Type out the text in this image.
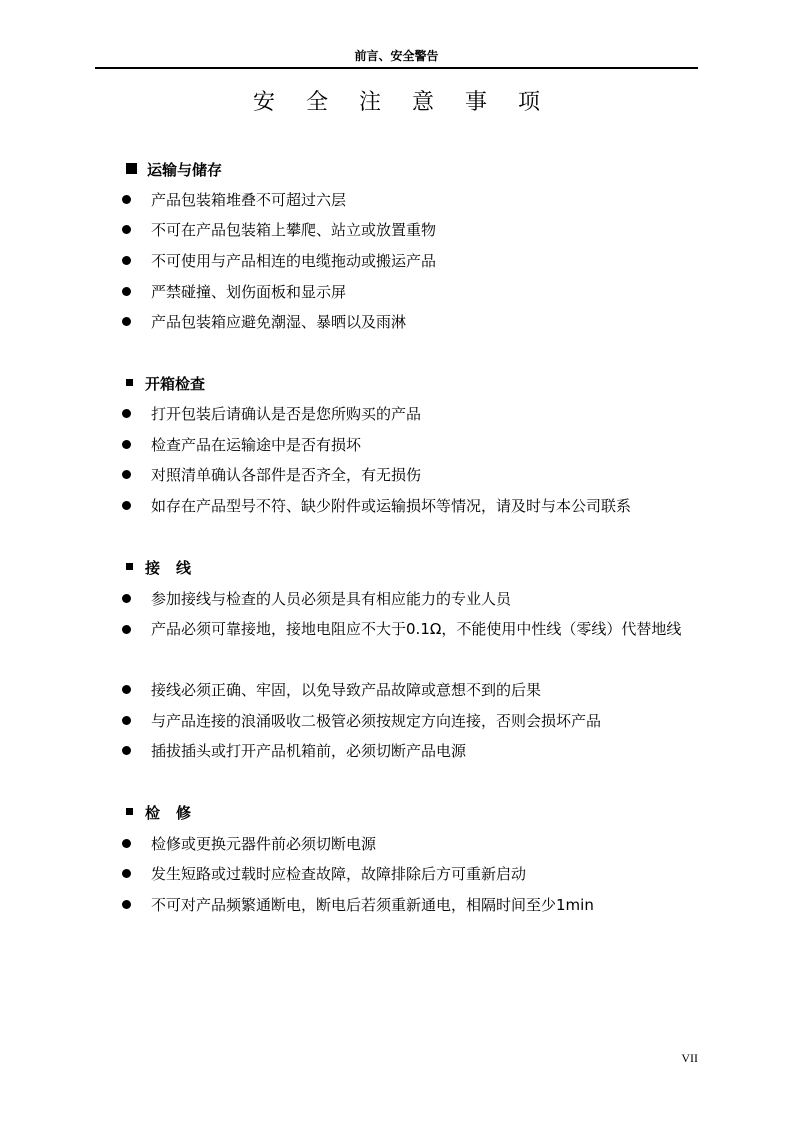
前言、安全警告
安 全 注 意 事 项
运输与储存
产品包装箱堆叠不可超过六层
不可在产品包装箱上攀爬、站立或放置重物
不可使用与产品相连的电缆拖动或搬运产品
严禁碰撞、划伤面板和显示屏
产品包装箱应避免潮湿、暴晒以及雨淋
开箱检查
打开包装后请确认是否是您所购买的产品
检查产品在运输途中是否有损坏
对照清单确认各部件是否齐全，有无损伤
如存在产品型号不符、缺少附件或运输损坏等情况，请及时与本公司联系
接线
参加接线与检查的人员必须是具有相应能力的专业人员
产品必须可靠接地，接地电阻应不大于0.1Ω，不能使用中性线（零线）代替地线
接线必须正确、牢固，以免导致产品故障或意想不到的后果
与产品连接的浪涌吸收二极管必须按规定方向连接，否则会损坏产品
插拔插头或打开产品机箱前，必须切断产品电源
检修
检修或更换元器件前必须切断电源
发生短路或过载时应检查故障，故障排除后方可重新启动
不可对产品频繁通断电，断电后若须重新通电，相隔时间至少1min
VII
